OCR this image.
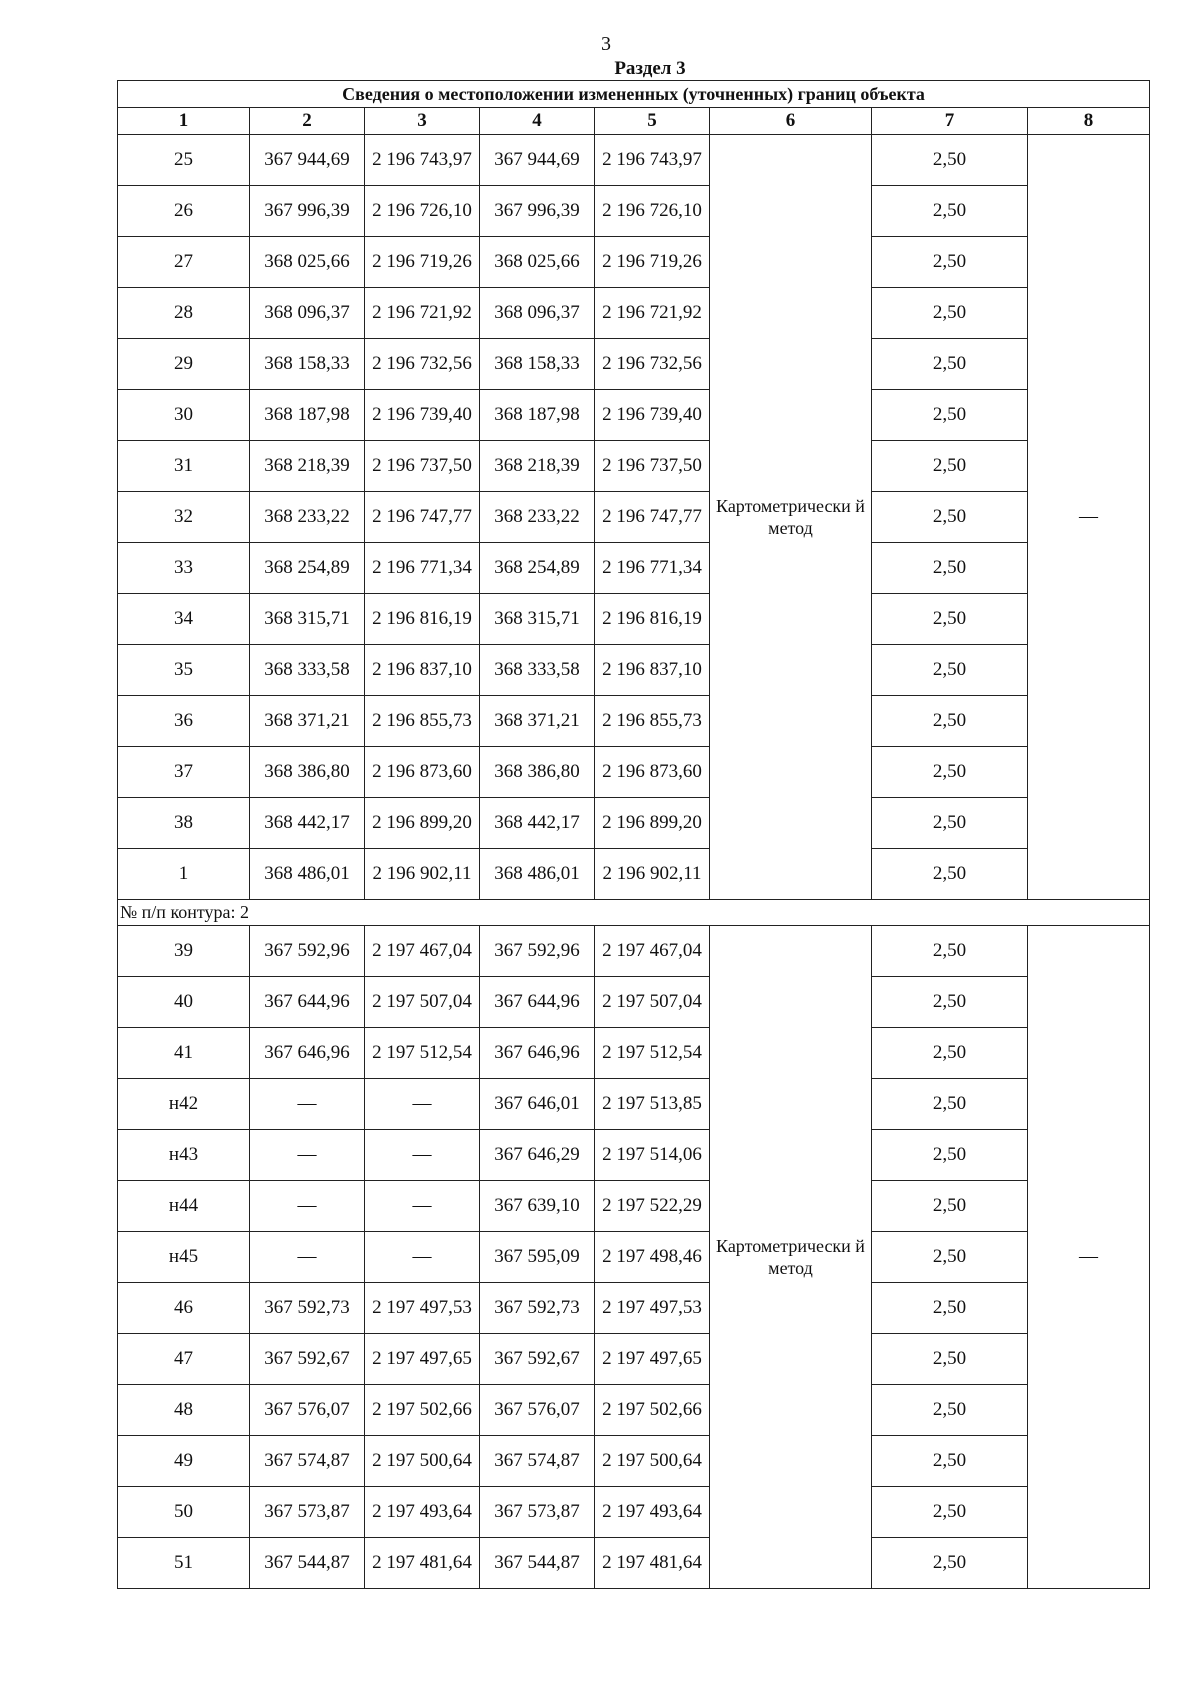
3
Раздел 3
Сведения о местоположении измененных (уточненных) границ объекта							
1	2	3	4	5	6	7	8
25	367 944,69	2 196 743,97	367 944,69	2 196 743,97	Картометрически й метод	2,50	—
26	367 996,39	2 196 726,10	367 996,39	2 196 726,10		2,50	
27	368 025,66	2 196 719,26	368 025,66	2 196 719,26		2,50	
28	368 096,37	2 196 721,92	368 096,37	2 196 721,92		2,50	
29	368 158,33	2 196 732,56	368 158,33	2 196 732,56		2,50	
30	368 187,98	2 196 739,40	368 187,98	2 196 739,40		2,50	
31	368 218,39	2 196 737,50	368 218,39	2 196 737,50		2,50	
32	368 233,22	2 196 747,77	368 233,22	2 196 747,77		2,50	
33	368 254,89	2 196 771,34	368 254,89	2 196 771,34		2,50	
34	368 315,71	2 196 816,19	368 315,71	2 196 816,19		2,50	
35	368 333,58	2 196 837,10	368 333,58	2 196 837,10		2,50	
36	368 371,21	2 196 855,73	368 371,21	2 196 855,73		2,50	
37	368 386,80	2 196 873,60	368 386,80	2 196 873,60		2,50	
38	368 442,17	2 196 899,20	368 442,17	2 196 899,20		2,50	
1	368 486,01	2 196 902,11	368 486,01	2 196 902,11		2,50	
№ п/п контура: 2							
39	367 592,96	2 197 467,04	367 592,96	2 197 467,04	Картометрически й метод	2,50	—
40	367 644,96	2 197 507,04	367 644,96	2 197 507,04		2,50	
41	367 646,96	2 197 512,54	367 646,96	2 197 512,54		2,50	
н42	—	—	367 646,01	2 197 513,85		2,50	
н43	—	—	367 646,29	2 197 514,06		2,50	
н44	—	—	367 639,10	2 197 522,29		2,50	
н45	—	—	367 595,09	2 197 498,46		2,50	
46	367 592,73	2 197 497,53	367 592,73	2 197 497,53		2,50	
47	367 592,67	2 197 497,65	367 592,67	2 197 497,65		2,50	
48	367 576,07	2 197 502,66	367 576,07	2 197 502,66		2,50	
49	367 574,87	2 197 500,64	367 574,87	2 197 500,64		2,50	
50	367 573,87	2 197 493,64	367 573,87	2 197 493,64		2,50	
51	367 544,87	2 197 481,64	367 544,87	2 197 481,64		2,50	
